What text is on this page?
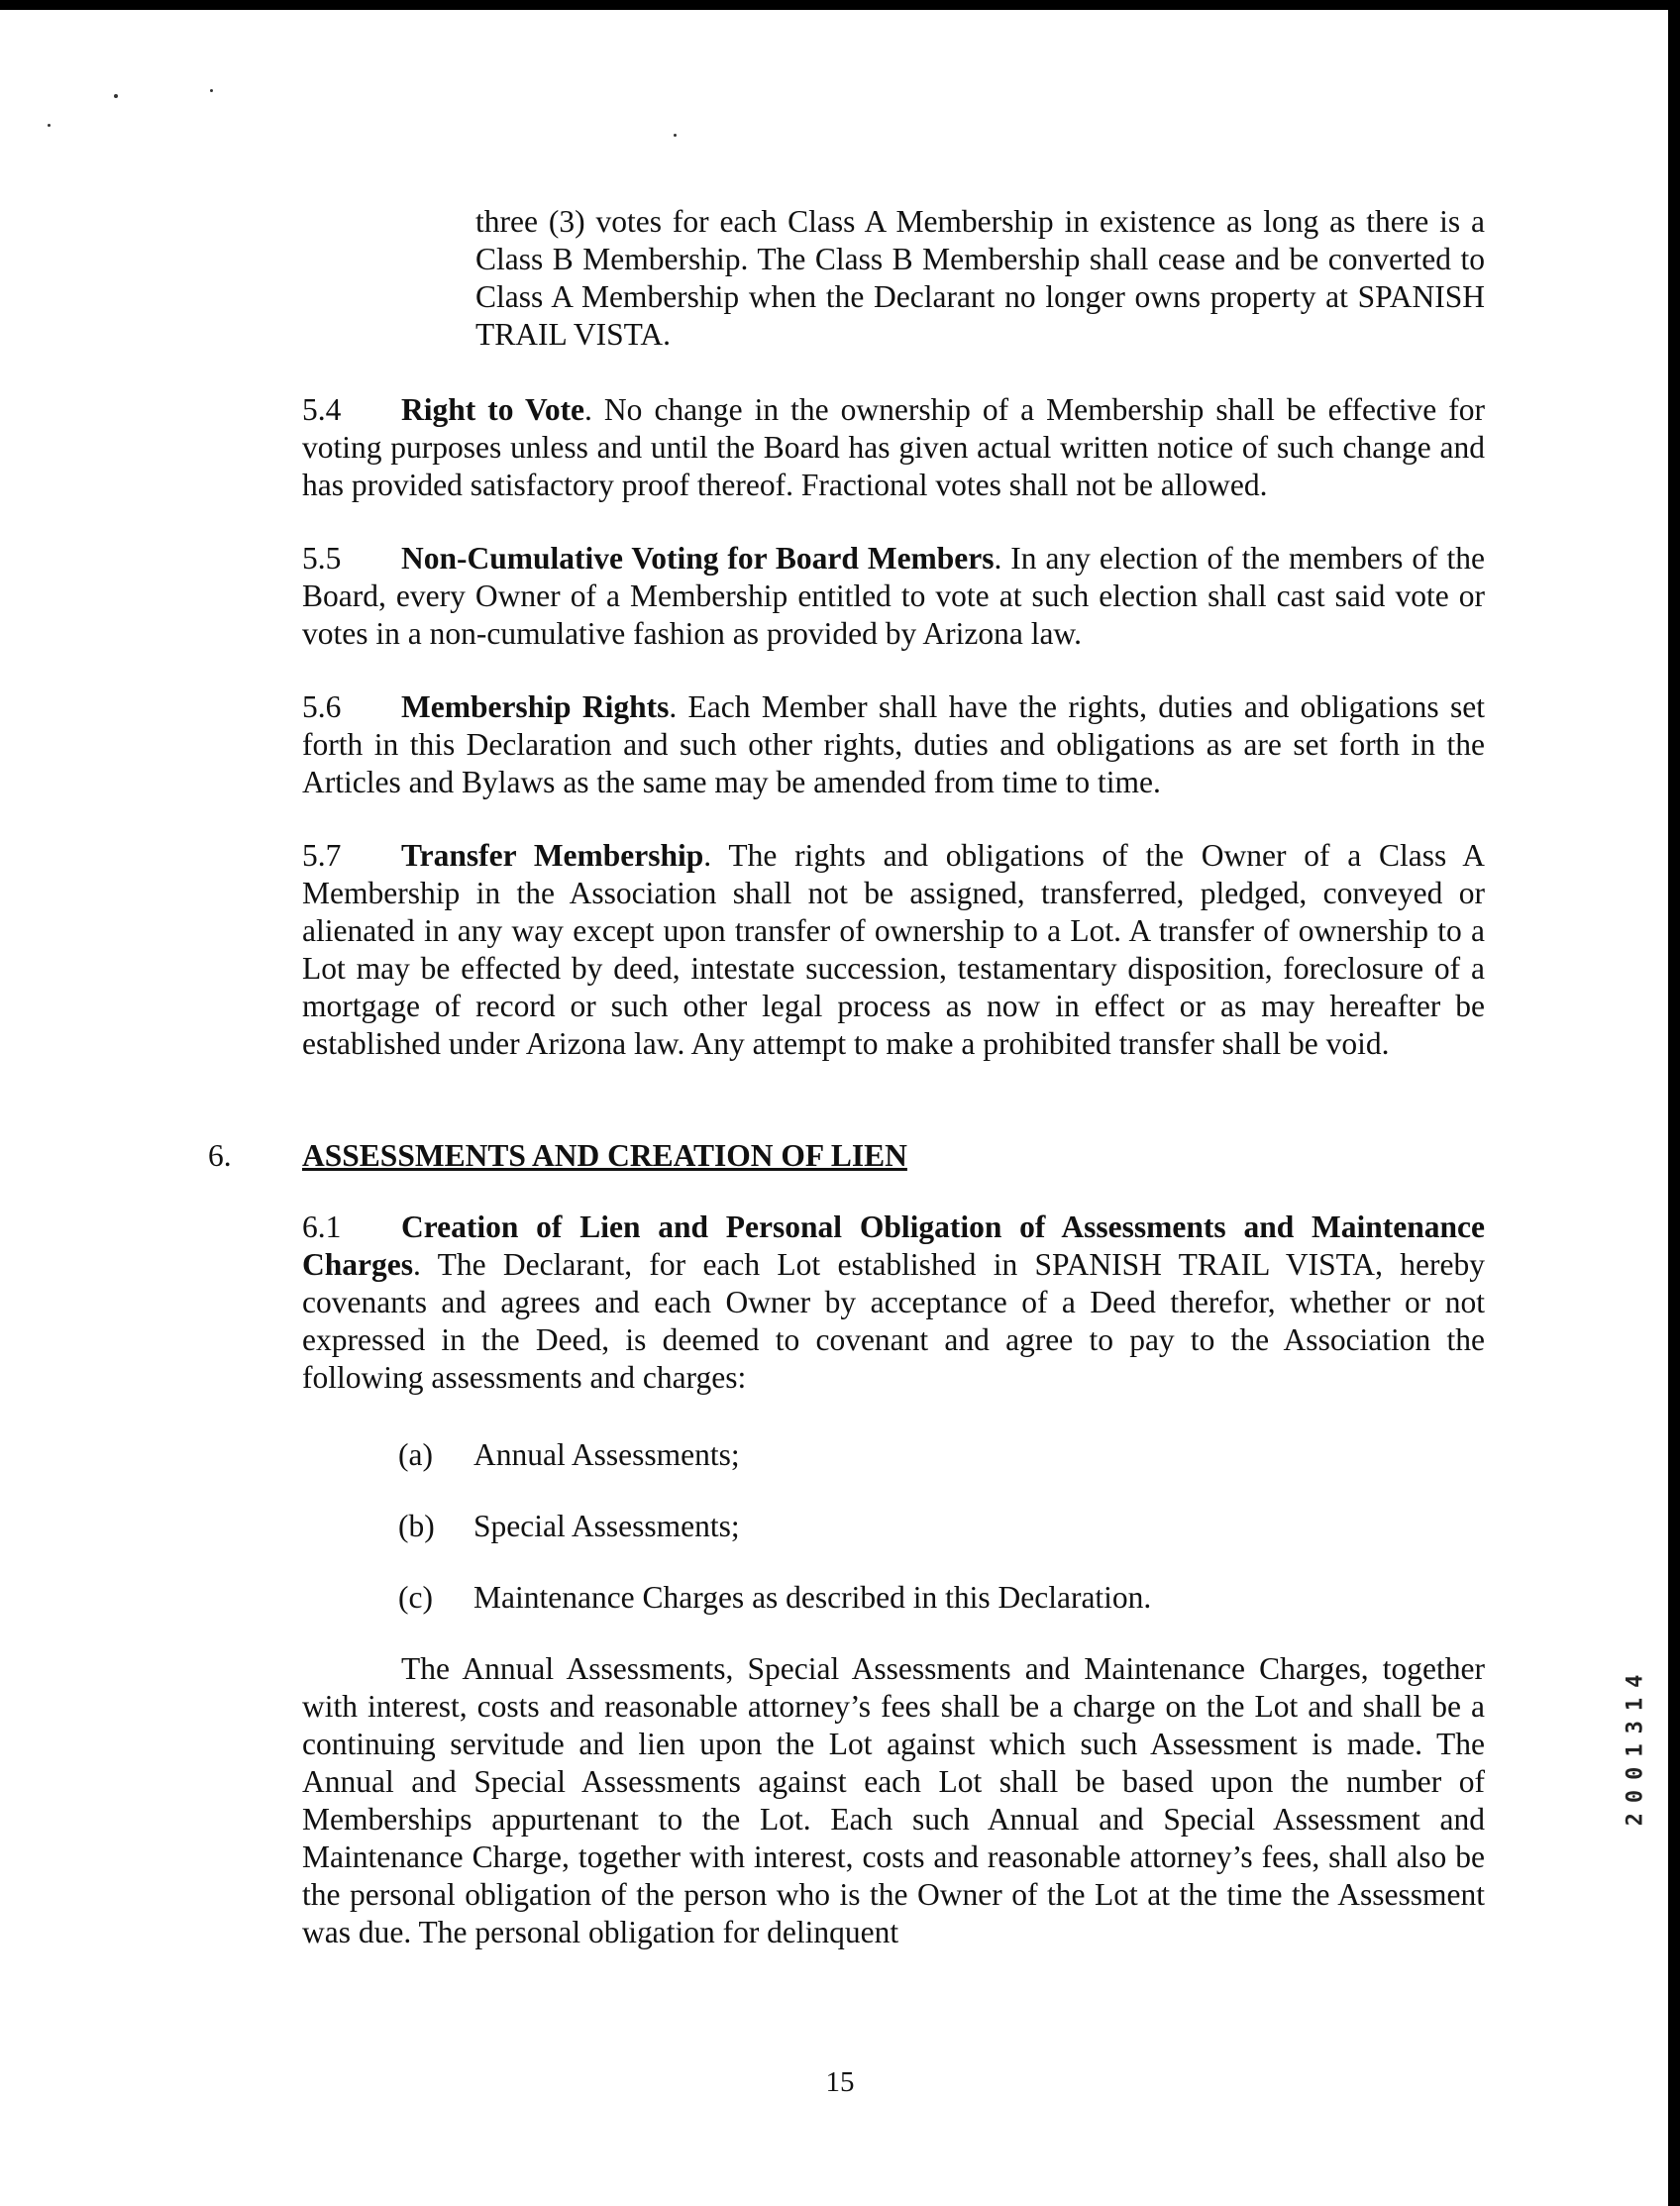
three (3) votes for each Class A Membership in existence as long as there is a Class B Membership. The Class B Membership shall cease and be converted to Class A Membership when the Declarant no longer owns property at SPANISH TRAIL VISTA.
5.4 Right to Vote. No change in the ownership of a Membership shall be effective for voting purposes unless and until the Board has given actual written notice of such change and has provided satisfactory proof thereof. Fractional votes shall not be allowed.
5.5 Non-Cumulative Voting for Board Members. In any election of the members of the Board, every Owner of a Membership entitled to vote at such election shall cast said vote or votes in a non-cumulative fashion as provided by Arizona law.
5.6 Membership Rights. Each Member shall have the rights, duties and obligations set forth in this Declaration and such other rights, duties and obligations as are set forth in the Articles and Bylaws as the same may be amended from time to time.
5.7 Transfer Membership. The rights and obligations of the Owner of a Class A Membership in the Association shall not be assigned, transferred, pledged, conveyed or alienated in any way except upon transfer of ownership to a Lot. A transfer of ownership to a Lot may be effected by deed, intestate succession, testamentary disposition, foreclosure of a mortgage of record or such other legal process as now in effect or as may hereafter be established under Arizona law. Any attempt to make a prohibited transfer shall be void.
6. ASSESSMENTS AND CREATION OF LIEN
6.1 Creation of Lien and Personal Obligation of Assessments and Maintenance Charges. The Declarant, for each Lot established in SPANISH TRAIL VISTA, hereby covenants and agrees and each Owner by acceptance of a Deed therefor, whether or not expressed in the Deed, is deemed to covenant and agree to pay to the Association the following assessments and charges:
(a) Annual Assessments;
(b) Special Assessments;
(c) Maintenance Charges as described in this Declaration.
The Annual Assessments, Special Assessments and Maintenance Charges, together with interest, costs and reasonable attorney’s fees shall be a charge on the Lot and shall be a continuing servitude and lien upon the Lot against which such Assessment is made. The Annual and Special Assessments against each Lot shall be based upon the number of Memberships appurtenant to the Lot. Each such Annual and Special Assessment and Maintenance Charge, together with interest, costs and reasonable attorney’s fees, shall also be the personal obligation of the person who is the Owner of the Lot at the time the Assessment was due. The personal obligation for delinquent
15
2001314
